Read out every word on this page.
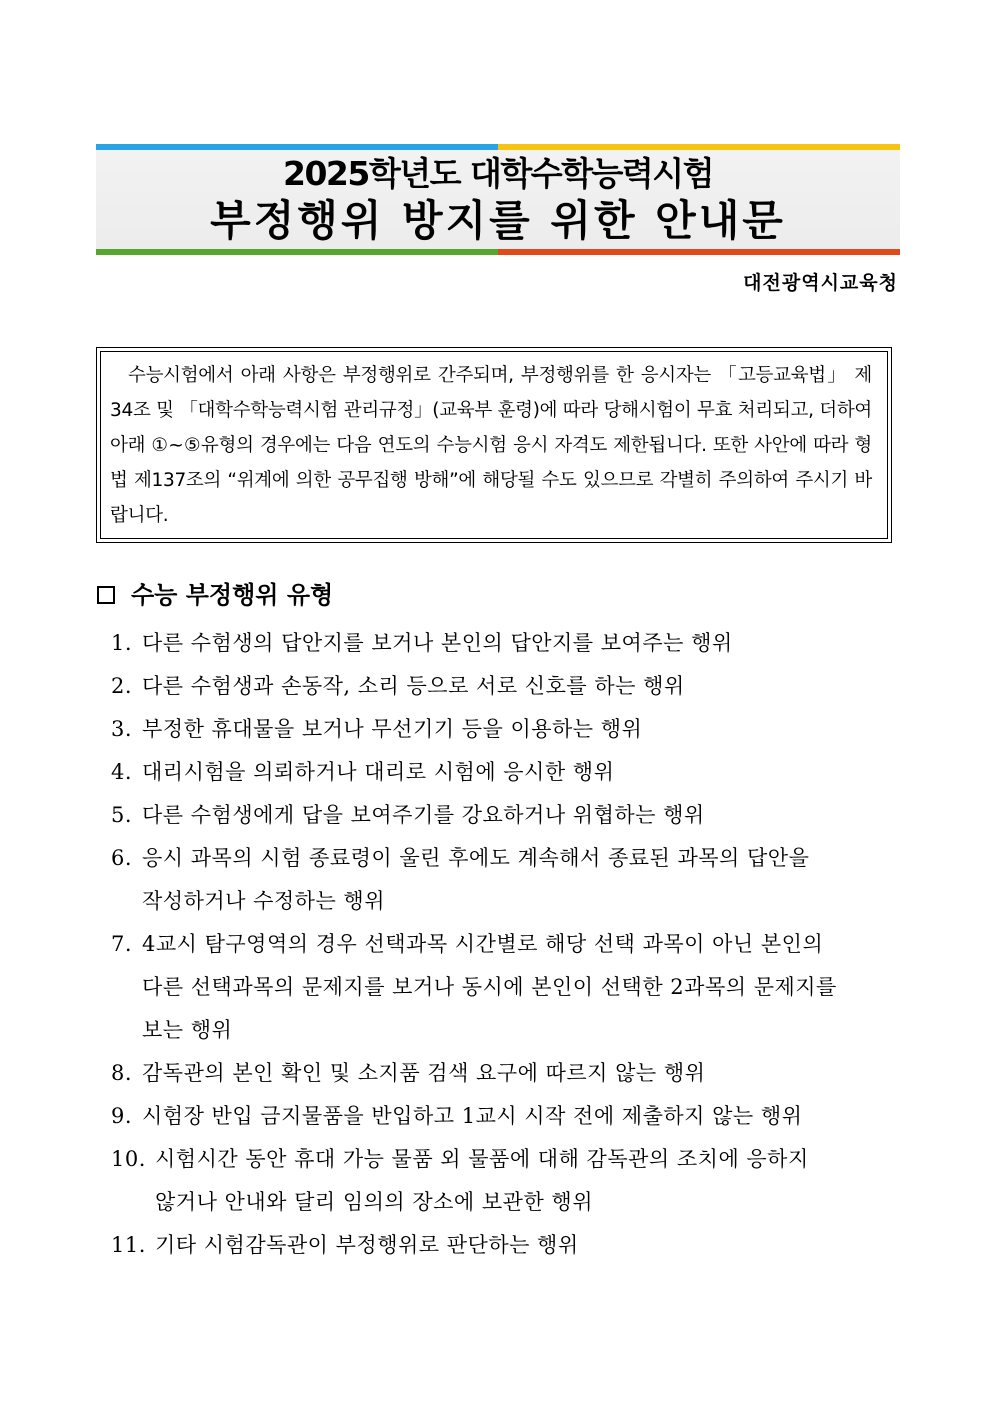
2025학년도 대학수학능력시험
부정행위 방지를 위한 안내문
대전광역시교육청
수능시험에서 아래 사항은 부정행위로 간주되며, 부정행위를 한 응시자는 「고등교육법」 제34조 및 「대학수학능력시험 관리규정」(교육부 훈령)에 따라 당해시험이 무효 처리되고, 더하여 아래 ①~⑤유형의 경우에는 다음 연도의 수능시험 응시 자격도 제한됩니다. 또한 사안에 따라 형법 제137조의 “위계에 의한 공무집행 방해”에 해당될 수도 있으므로 각별히 주의하여 주시기 바랍니다.
수능 부정행위 유형
1. 다른 수험생의 답안지를 보거나 본인의 답안지를 보여주는 행위
2. 다른 수험생과 손동작, 소리 등으로 서로 신호를 하는 행위
3. 부정한 휴대물을 보거나 무선기기 등을 이용하는 행위
4. 대리시험을 의뢰하거나 대리로 시험에 응시한 행위
5. 다른 수험생에게 답을 보여주기를 강요하거나 위협하는 행위
6. 응시 과목의 시험 종료령이 울린 후에도 계속해서 종료된 과목의 답안을
작성하거나 수정하는 행위
7. 4교시 탐구영역의 경우 선택과목 시간별로 해당 선택 과목이 아닌 본인의
다른 선택과목의 문제지를 보거나 동시에 본인이 선택한 2과목의 문제지를
보는 행위
8. 감독관의 본인 확인 및 소지품 검색 요구에 따르지 않는 행위
9. 시험장 반입 금지물품을 반입하고 1교시 시작 전에 제출하지 않는 행위
10. 시험시간 동안 휴대 가능 물품 외 물품에 대해 감독관의 조치에 응하지
않거나 안내와 달리 임의의 장소에 보관한 행위
11. 기타 시험감독관이 부정행위로 판단하는 행위
